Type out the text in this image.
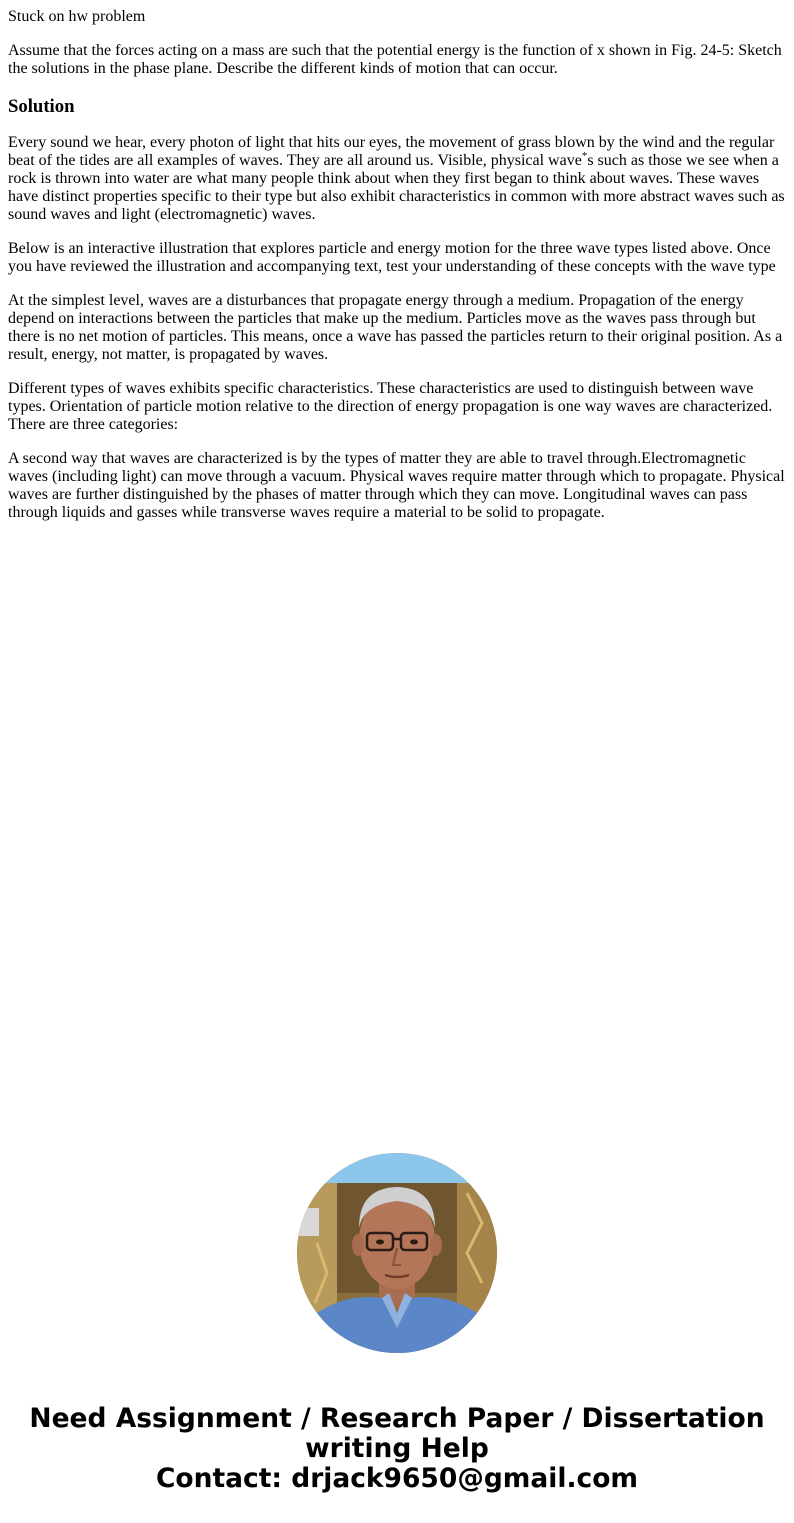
Stuck on hw problem

Assume that the forces acting on a mass are such that the potential energy is the function of x shown in Fig. 24-5: Sketch the solutions in the phase plane. Describe the different kinds of motion that can occur.

Solution

Every sound we hear, every photon of light that hits our eyes, the movement of grass blown by the wind and the regular beat of the tides are all examples of waves. They are all around us. Visible, physical wave*s such as those we see when a rock is thrown into water are what many people think about when they first began to think about waves. These waves have distinct properties specific to their type but also exhibit characteristics in common with more abstract waves such as sound waves and light (electromagnetic) waves.

Below is an interactive illustration that explores particle and energy motion for the three wave types listed above. Once you have reviewed the illustration and accompanying text, test your understanding of these concepts with the wave type

At the simplest level, waves are a disturbances that propagate energy through a medium. Propagation of the energy depend on interactions between the particles that make up the medium. Particles move as the waves pass through but there is no net motion of particles. This means, once a wave has passed the particles return to their original position. As a result, energy, not matter, is propagated by waves.

Different types of waves exhibits specific characteristics. These characteristics are used to distinguish between wave types. Orientation of particle motion relative to the direction of energy propagation is one way waves are characterized. There are three categories:

A second way that waves are characterized is by the types of matter they are able to travel through.Electromagnetic waves (including light) can move through a vacuum. Physical waves require matter through which to propagate. Physical waves are further distinguished by the phases of matter through which they can move. Longitudinal waves can pass through liquids and gasses while transverse waves require a material to be solid to propagate.

Need Assignment / Research Paper / Dissertation
writing Help
Contact: drjack9650@gmail.com
